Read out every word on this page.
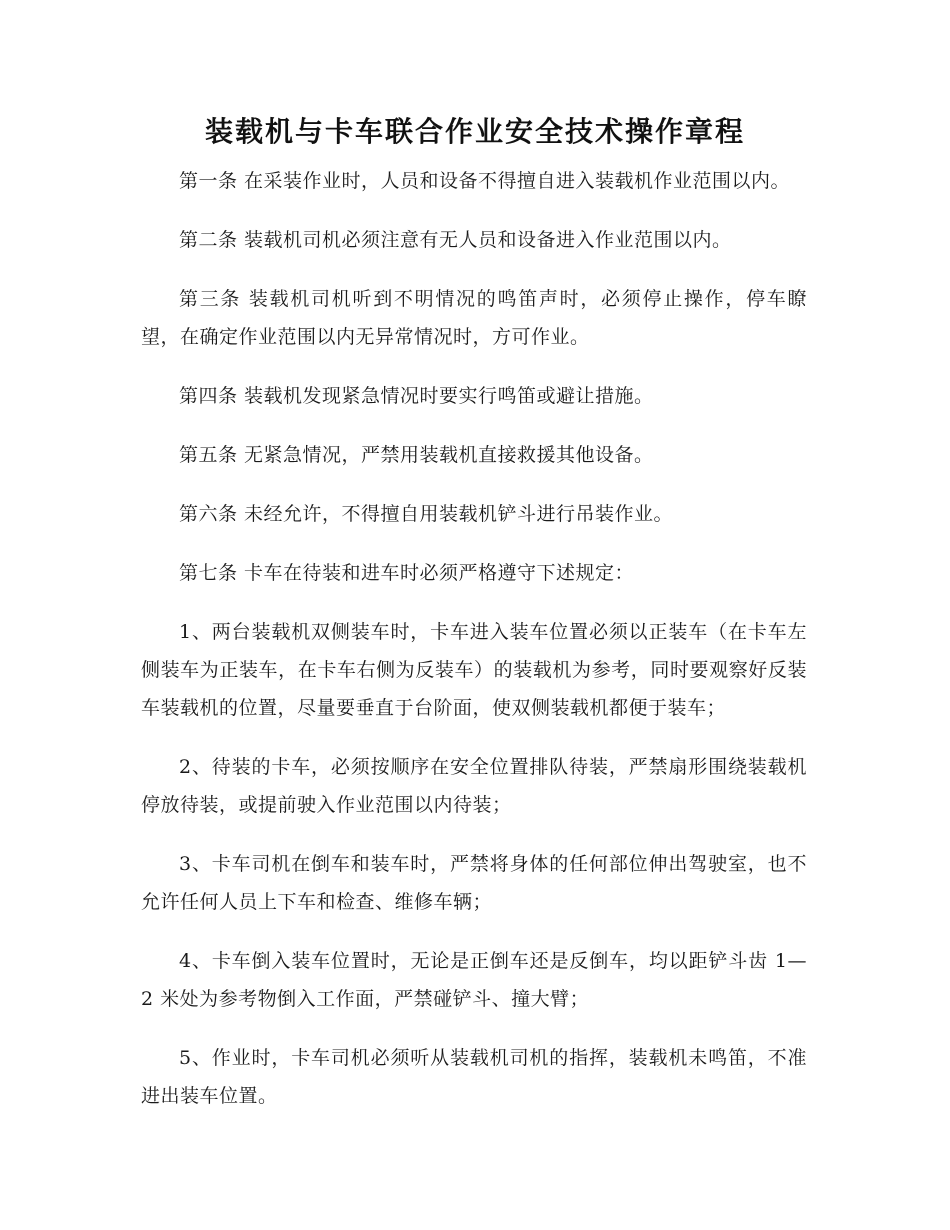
装载机与卡车联合作业安全技术操作章程

第一条 在采装作业时，人员和设备不得擅自进入装载机作业范围以内。

第二条 装载机司机必须注意有无人员和设备进入作业范围以内。

第三条 装载机司机听到不明情况的鸣笛声时，必须停止操作，停车瞭望，在确定作业范围以内无异常情况时，方可作业。

第四条 装载机发现紧急情况时要实行鸣笛或避让措施。

第五条 无紧急情况，严禁用装载机直接救援其他设备。

第六条 未经允许，不得擅自用装载机铲斗进行吊装作业。

第七条 卡车在待装和进车时必须严格遵守下述规定：

1、两台装载机双侧装车时，卡车进入装车位置必须以正装车（在卡车左侧装车为正装车，在卡车右侧为反装车）的装载机为参考，同时要观察好反装车装载机的位置，尽量要垂直于台阶面，使双侧装载机都便于装车；

2、待装的卡车，必须按顺序在安全位置排队待装，严禁扇形围绕装载机停放待装，或提前驶入作业范围以内待装；

3、卡车司机在倒车和装车时，严禁将身体的任何部位伸出驾驶室，也不允许任何人员上下车和检查、维修车辆；

4、卡车倒入装车位置时，无论是正倒车还是反倒车，均以距铲斗齿 1—2 米处为参考物倒入工作面，严禁碰铲斗、撞大臂；

5、作业时，卡车司机必须听从装载机司机的指挥，装载机未鸣笛，不准进出装车位置。
